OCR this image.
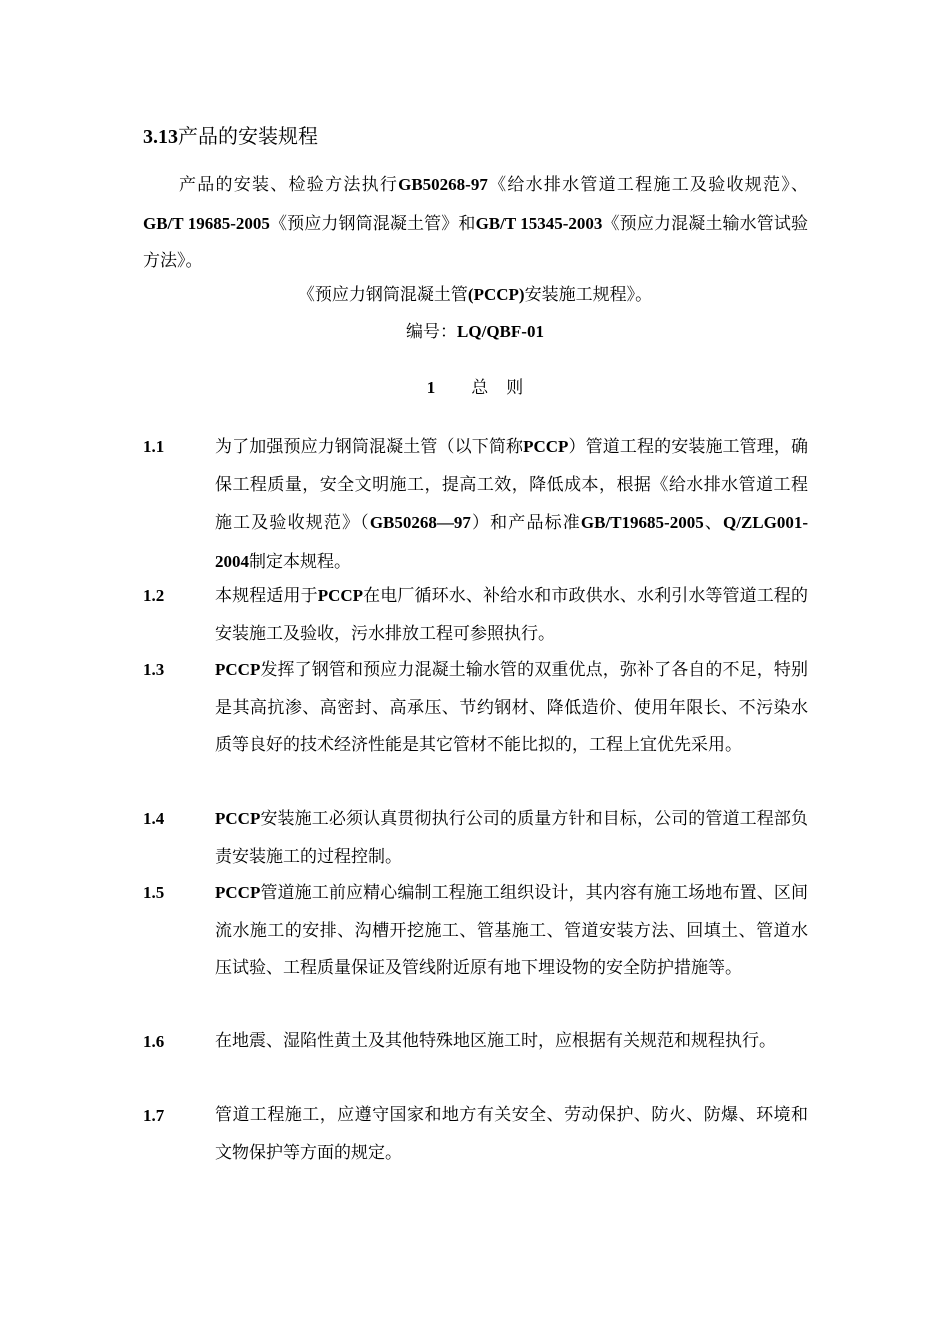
3.13产品的安装规程
产品的安装、检验方法执行GB50268-97《给水排水管道工程施工及验收规范》、GB/T 19685-2005《预应力钢筒混凝土管》和GB/T 15345-2003《预应力混凝土输水管试验方法》。
《预应力钢筒混凝土管(PCCP)安装施工规程》。
编号：LQ/QBF-01
1 总 则
1.1	为了加强预应力钢筒混凝土管（以下简称PCCP）管道工程的安装施工管理，确保工程质量，安全文明施工，提高工效，降低成本，根据《给水排水管道工程施工及验收规范》（GB50268—97）和产品标准GB/T19685-2005、Q/ZLG001-2004制定本规程。
1.2	本规程适用于PCCP在电厂循环水、补给水和市政供水、水利引水等管道工程的安装施工及验收，污水排放工程可参照执行。
1.3	PCCP发挥了钢管和预应力混凝土输水管的双重优点，弥补了各自的不足，特别是其高抗渗、高密封、高承压、节约钢材、降低造价、使用年限长、不污染水质等良好的技术经济性能是其它管材不能比拟的，工程上宜优先采用。
1.4	PCCP安装施工必须认真贯彻执行公司的质量方针和目标，公司的管道工程部负责安装施工的过程控制。
1.5	PCCP管道施工前应精心编制工程施工组织设计，其内容有施工场地布置、区间流水施工的安排、沟槽开挖施工、管基施工、管道安装方法、回填土、管道水压试验、工程质量保证及管线附近原有地下埋设物的安全防护措施等。
1.6	在地震、湿陷性黄土及其他特殊地区施工时，应根据有关规范和规程执行。
1.7	管道工程施工，应遵守国家和地方有关安全、劳动保护、防火、防爆、环境和文物保护等方面的规定。
